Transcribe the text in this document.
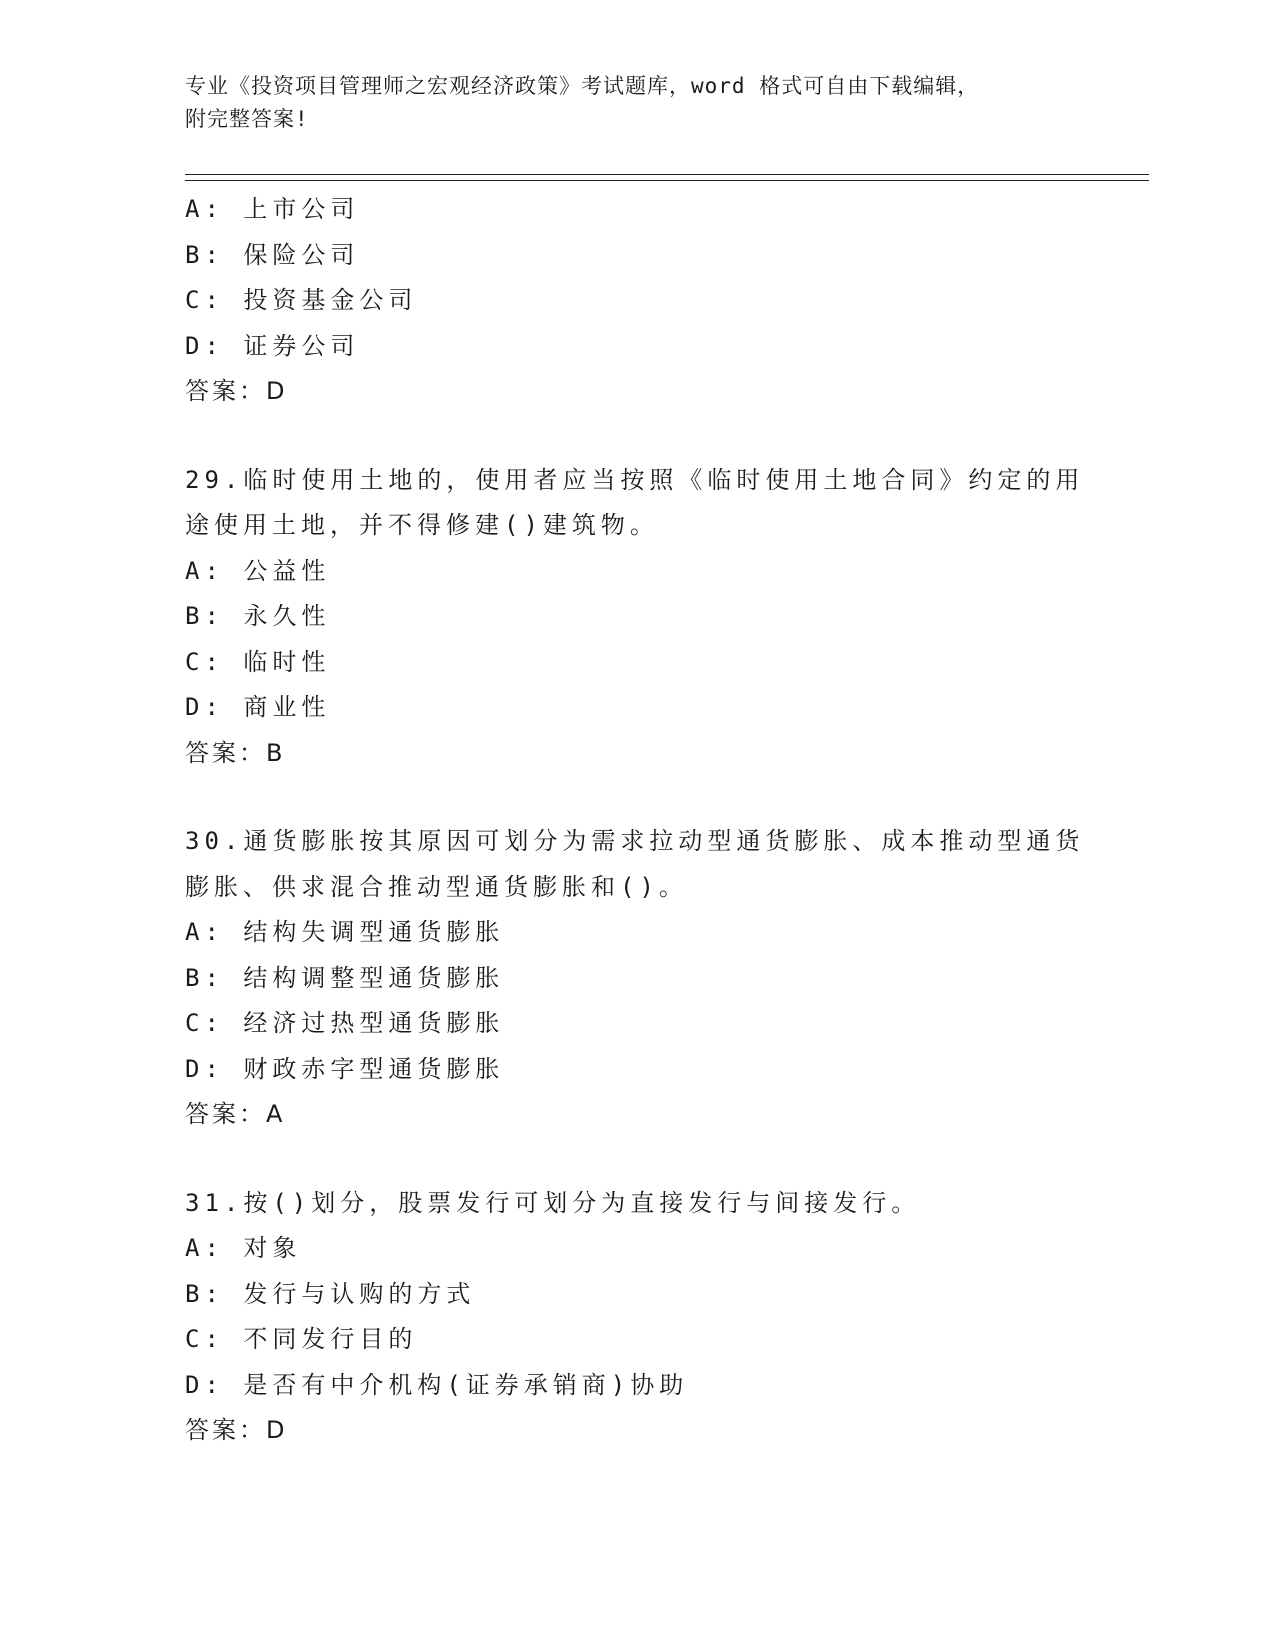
专业《投资项目管理师之宏观经济政策》考试题库，word 格式可自由下载编辑，
附完整答案!
A: 上市公司
B: 保险公司
C: 投资基金公司
D: 证券公司
答案：D
29.临时使用土地的，使用者应当按照《临时使用土地合同》约定的用
途使用土地，并不得修建()建筑物。
A: 公益性
B: 永久性
C: 临时性
D: 商业性
答案：B
30.通货膨胀按其原因可划分为需求拉动型通货膨胀、成本推动型通货
膨胀、供求混合推动型通货膨胀和()。
A: 结构失调型通货膨胀
B: 结构调整型通货膨胀
C: 经济过热型通货膨胀
D: 财政赤字型通货膨胀
答案：A
31.按()划分，股票发行可划分为直接发行与间接发行。
A: 对象
B: 发行与认购的方式
C: 不同发行目的
D: 是否有中介机构(证券承销商)协助
答案：D
